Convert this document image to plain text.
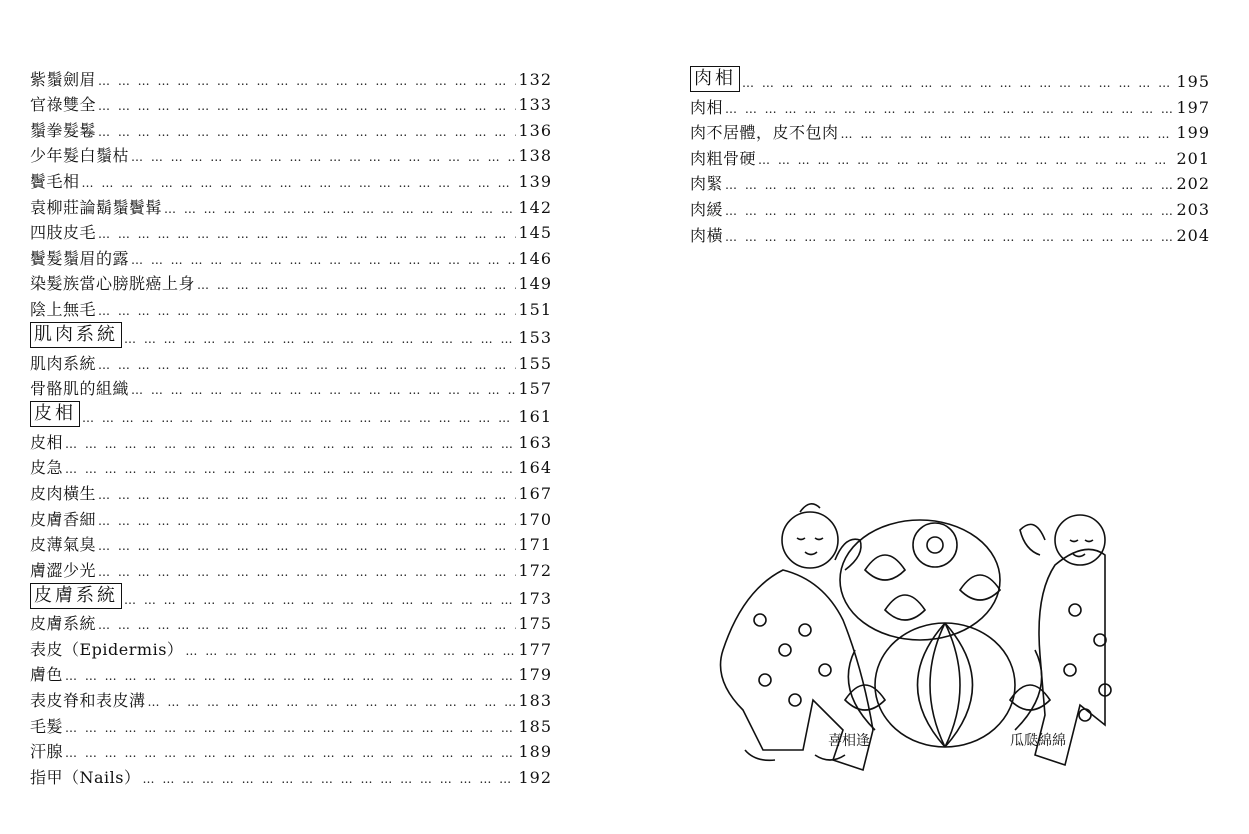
紫鬚劍眉 … … … … … … … … … … … … … … … … … … … … … … … … … … … … … … … … … … … … … … … … … … … … … … … … … … … … … …	132
官祿雙全 … … … … … … … … … … … … … … … … … … … … … … … … … … … … … … … … … … … … … … … … … … … … … … … … … … … … … …	133
鬚拳髮鬈 … … … … … … … … … … … … … … … … … … … … … … … … … … … … … … … … … … … … … … … … … … … … … … … … … … … … … …	136
少年髮白鬚枯 … … … … … … … … … … … … … … … … … … … … … … … … … … … … … … … … … … … … … … … … … … … … … … … … … … … … … …	138
鬢毛相 … … … … … … … … … … … … … … … … … … … … … … … … … … … … … … … … … … … … … … … … … … … … … … … … … … … … … …	139
袁柳莊論鬍鬚鬢髯 … … … … … … … … … … … … … … … … … … … … … … … … … … … … … … … … … … … … … … … … … … … … … … … … … … … … … …	142
四肢皮毛 … … … … … … … … … … … … … … … … … … … … … … … … … … … … … … … … … … … … … … … … … … … … … … … … … … … … … …	145
鬢髮鬚眉的露 … … … … … … … … … … … … … … … … … … … … … … … … … … … … … … … … … … … … … … … … … … … … … … … … … … … … … …	146
染髮族當心膀胱癌上身 … … … … … … … … … … … … … … … … … … … … … … … … … … … … … … … … … … … … … … … … … … … … … … … … … … … … … …	149
陰上無毛 … … … … … … … … … … … … … … … … … … … … … … … … … … … … … … … … … … … … … … … … … … … … … … … … … … … … … …	151
肌肉系統 … … … … … … … … … … … … … … … … … … … … … … … … … … … … … … … … … … … … … … … … … … … … … … … … … … … … … …	153
肌肉系統 … … … … … … … … … … … … … … … … … … … … … … … … … … … … … … … … … … … … … … … … … … … … … … … … … … … … … …	155
骨骼肌的組織 … … … … … … … … … … … … … … … … … … … … … … … … … … … … … … … … … … … … … … … … … … … … … … … … … … … … … …	157
皮相 … … … … … … … … … … … … … … … … … … … … … … … … … … … … … … … … … … … … … … … … … … … … … … … … … … … … … …	161
皮相 … … … … … … … … … … … … … … … … … … … … … … … … … … … … … … … … … … … … … … … … … … … … … … … … … … … … … …	163
皮急 … … … … … … … … … … … … … … … … … … … … … … … … … … … … … … … … … … … … … … … … … … … … … … … … … … … … … …	164
皮肉橫生 … … … … … … … … … … … … … … … … … … … … … … … … … … … … … … … … … … … … … … … … … … … … … … … … … … … … … …	167
皮膚香細 … … … … … … … … … … … … … … … … … … … … … … … … … … … … … … … … … … … … … … … … … … … … … … … … … … … … … …	170
皮薄氣臭 … … … … … … … … … … … … … … … … … … … … … … … … … … … … … … … … … … … … … … … … … … … … … … … … … … … … … …	171
膚澀少光 … … … … … … … … … … … … … … … … … … … … … … … … … … … … … … … … … … … … … … … … … … … … … … … … … … … … … …	172
皮膚系統 … … … … … … … … … … … … … … … … … … … … … … … … … … … … … … … … … … … … … … … … … … … … … … … … … … … … … …	173
皮膚系統 … … … … … … … … … … … … … … … … … … … … … … … … … … … … … … … … … … … … … … … … … … … … … … … … … … … … … …	175
表皮（Epidermis） … … … … … … … … … … … … … … … … … … … … … … … … … … … … … … … … … … … … … … … … … … … … … … … … … … … … … …	177
膚色 … … … … … … … … … … … … … … … … … … … … … … … … … … … … … … … … … … … … … … … … … … … … … … … … … … … … … …	179
表皮脊和表皮溝 … … … … … … … … … … … … … … … … … … … … … … … … … … … … … … … … … … … … … … … … … … … … … … … … … … … … … …	183
毛髮 … … … … … … … … … … … … … … … … … … … … … … … … … … … … … … … … … … … … … … … … … … … … … … … … … … … … … …	185
汗腺 … … … … … … … … … … … … … … … … … … … … … … … … … … … … … … … … … … … … … … … … … … … … … … … … … … … … … …	189
指甲（Nails） … … … … … … … … … … … … … … … … … … … … … … … … … … … … … … … … … … … … … … … … … … … … … … … … … … … … … …	192
肉相 … … … … … … … … … … … … … … … … … … … … … … … … … … … … … … … … … … … … … … … … … … … … … … … … … … … … … …	195
肉相 … … … … … … … … … … … … … … … … … … … … … … … … … … … … … … … … … … … … … … … … … … … … … … … … … … … … … …	197
肉不居體，皮不包肉 … … … … … … … … … … … … … … … … … … … … … … … … … … … … … … … … … … … … … … … … … … … … … … … … … … … … … …	199
肉粗骨硬 … … … … … … … … … … … … … … … … … … … … … … … … … … … … … … … … … … … … … … … … … … … … … … … … … … … … … …	201
肉緊 … … … … … … … … … … … … … … … … … … … … … … … … … … … … … … … … … … … … … … … … … … … … … … … … … … … … … …	202
肉緩 … … … … … … … … … … … … … … … … … … … … … … … … … … … … … … … … … … … … … … … … … … … … … … … … … … … … … …	203
肉橫 … … … … … … … … … … … … … … … … … … … … … … … … … … … … … … … … … … … … … … … … … … … … … … … … … … … … … …	204
喜相逢	瓜瓞綿綿
